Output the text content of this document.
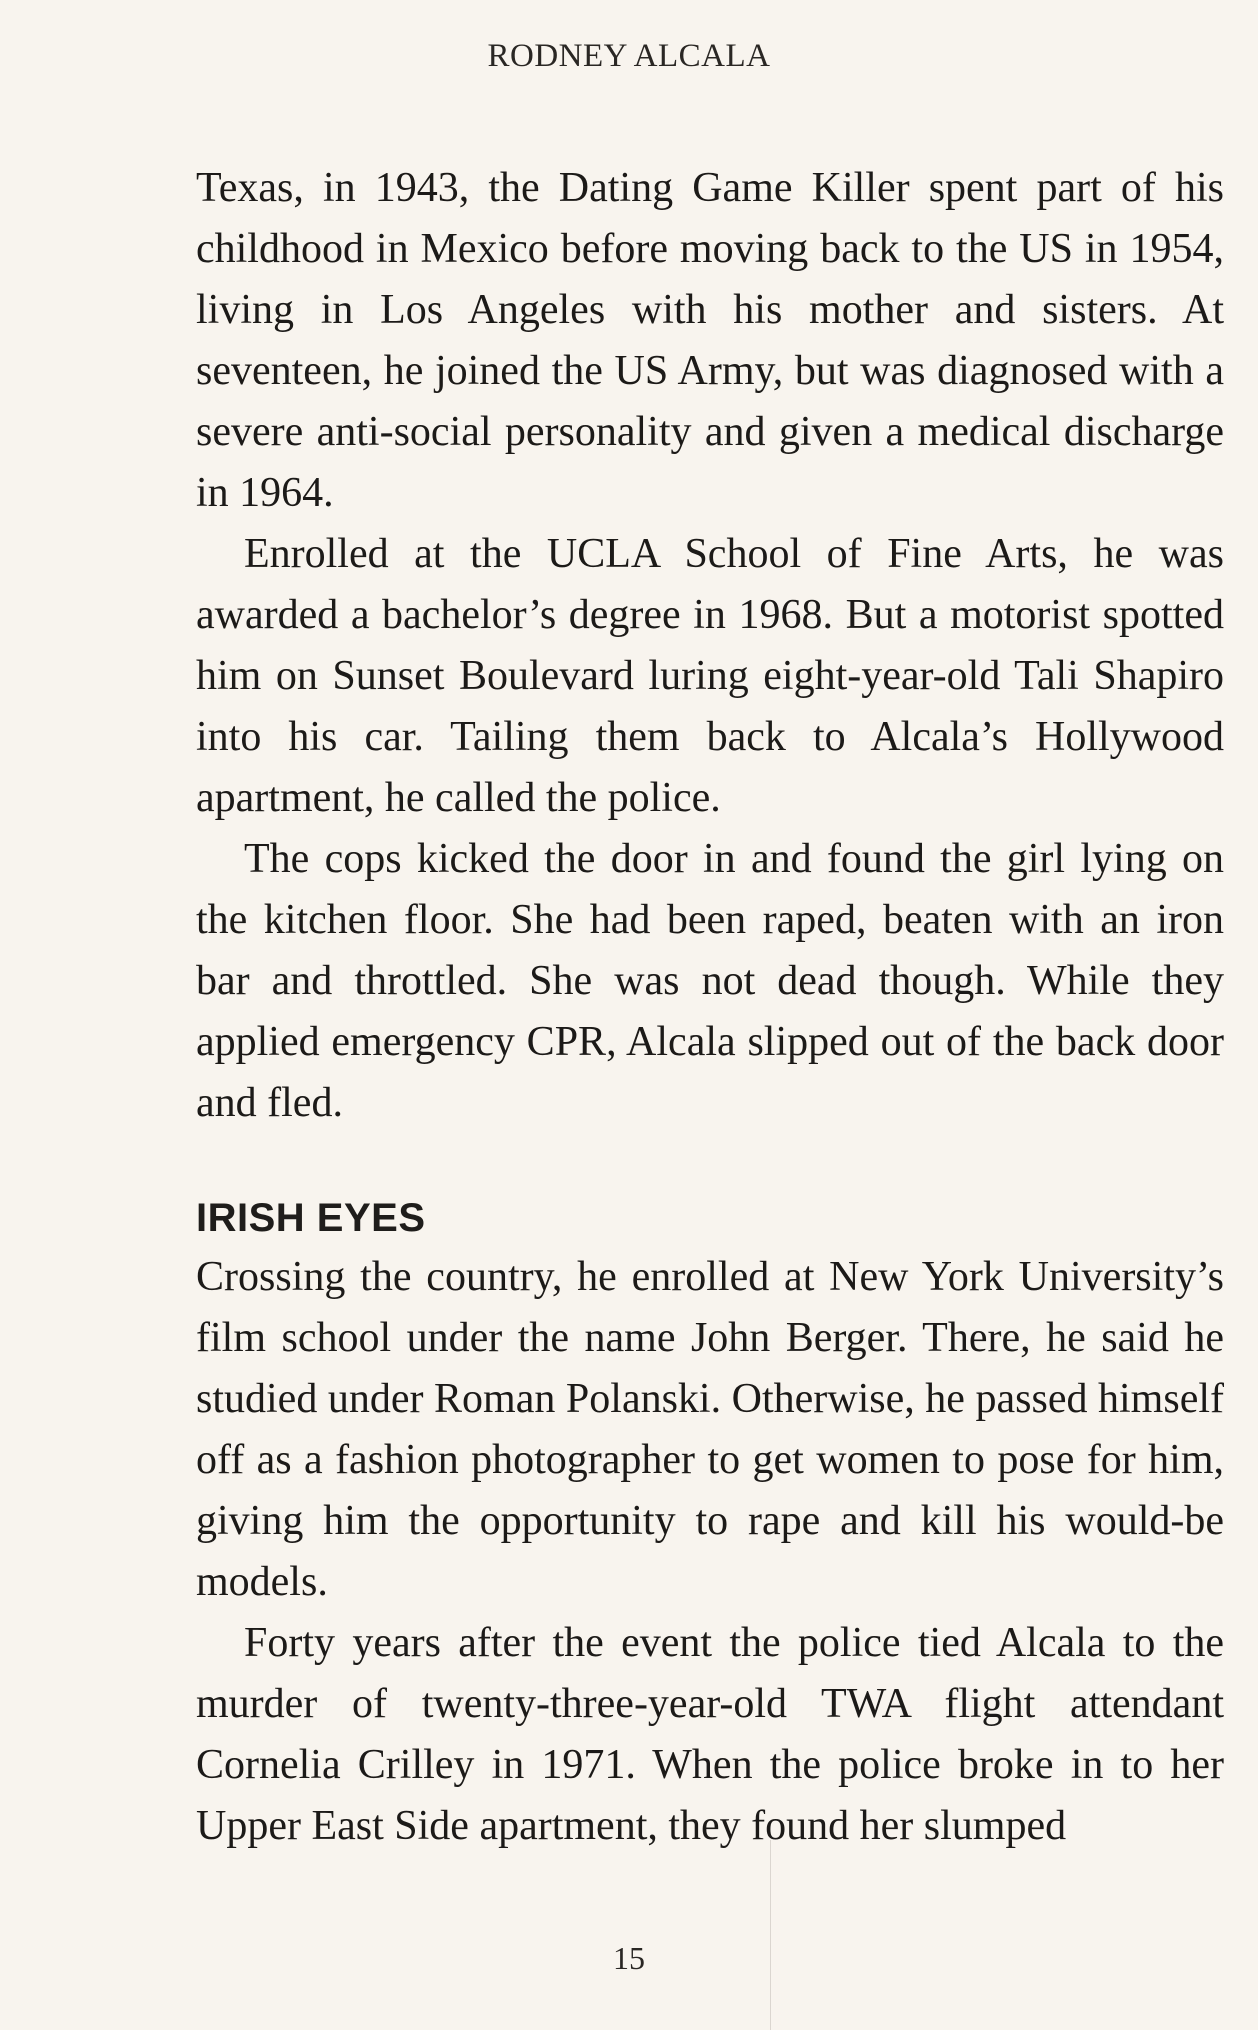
RODNEY ALCALA

Texas, in 1943, the Dating Game Killer spent part of his childhood in Mexico before moving back to the US in 1954, living in Los Angeles with his mother and sisters. At seventeen, he joined the US Army, but was diagnosed with a severe anti-social personality and given a medical discharge in 1964.

Enrolled at the UCLA School of Fine Arts, he was awarded a bachelor’s degree in 1968. But a motorist spotted him on Sunset Boulevard luring eight-year-old Tali Shapiro into his car. Tailing them back to Alcala’s Hollywood apartment, he called the police.

The cops kicked the door in and found the girl lying on the kitchen floor. She had been raped, beaten with an iron bar and throttled. She was not dead though. While they applied emergency CPR, Alcala slipped out of the back door and fled.

IRISH EYES

Crossing the country, he enrolled at New York University’s film school under the name John Berger. There, he said he studied under Roman Polanski. Otherwise, he passed himself off as a fashion photographer to get women to pose for him, giving him the opportunity to rape and kill his would-be models.

Forty years after the event the police tied Alcala to the murder of twenty-three-year-old TWA flight attendant Cornelia Crilley in 1971. When the police broke in to her Upper East Side apartment, they found her slumped

15
